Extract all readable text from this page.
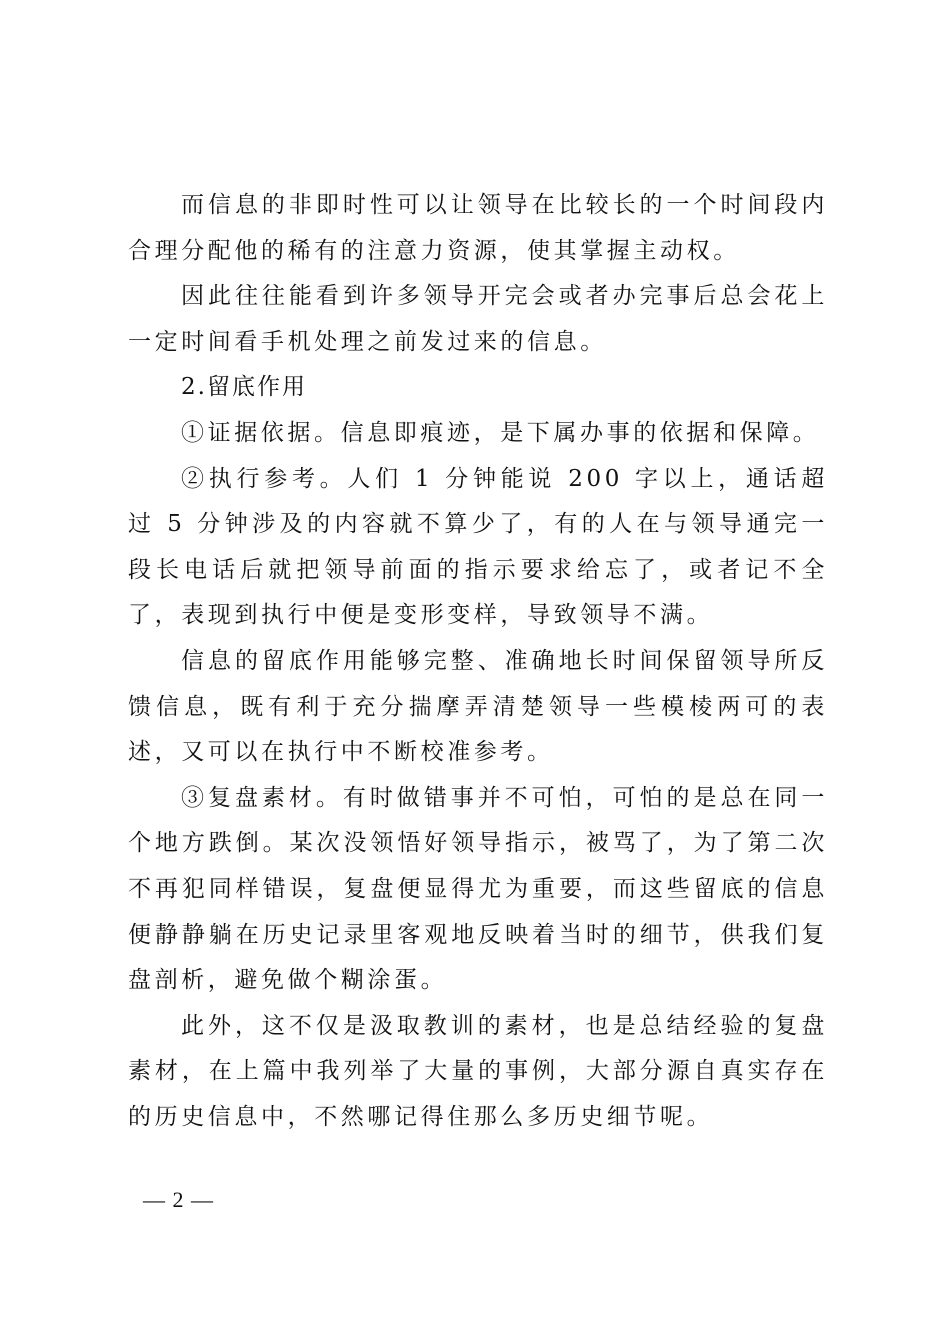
而信息的非即时性可以让领导在比较长的一个时间段内合理分配他的稀有的注意力资源，使其掌握主动权。

因此往往能看到许多领导开完会或者办完事后总会花上一定时间看手机处理之前发过来的信息。

2.留底作用

①证据依据。信息即痕迹，是下属办事的依据和保障。

②执行参考。人们 1 分钟能说 200 字以上，通话超过 5 分钟涉及的内容就不算少了，有的人在与领导通完一段长电话后就把领导前面的指示要求给忘了，或者记不全了，表现到执行中便是变形变样，导致领导不满。

信息的留底作用能够完整、准确地长时间保留领导所反馈信息，既有利于充分揣摩弄清楚领导一些模棱两可的表述，又可以在执行中不断校准参考。

③复盘素材。有时做错事并不可怕，可怕的是总在同一个地方跌倒。某次没领悟好领导指示，被骂了，为了第二次不再犯同样错误，复盘便显得尤为重要，而这些留底的信息便静静躺在历史记录里客观地反映着当时的细节，供我们复盘剖析，避免做个糊涂蛋。

此外，这不仅是汲取教训的素材，也是总结经验的复盘素材，在上篇中我列举了大量的事例，大部分源自真实存在的历史信息中，不然哪记得住那么多历史细节呢。

— 2 —
